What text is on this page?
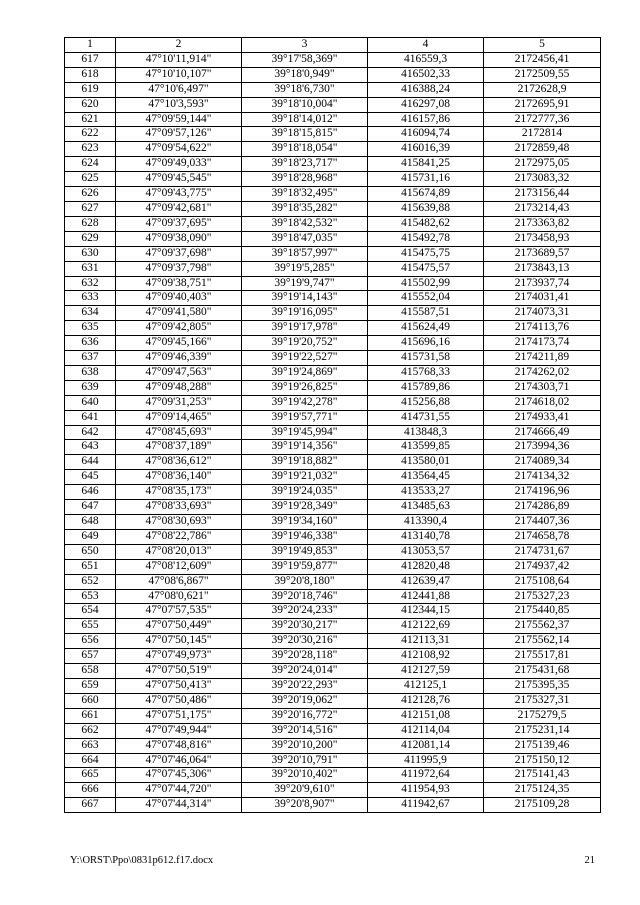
1	2	3	4	5
617	47°10'11,914"	39°17'58,369"	416559,3	2172456,41
618	47°10'10,107"	39°18'0,949"	416502,33	2172509,55
619	47°10'6,497"	39°18'6,730"	416388,24	2172628,9
620	47°10'3,593"	39°18'10,004"	416297,08	2172695,91
621	47°09'59,144"	39°18'14,012"	416157,86	2172777,36
622	47°09'57,126"	39°18'15,815"	416094,74	2172814
623	47°09'54,622"	39°18'18,054"	416016,39	2172859,48
624	47°09'49,033"	39°18'23,717"	415841,25	2172975,05
625	47°09'45,545"	39°18'28,968"	415731,16	2173083,32
626	47°09'43,775"	39°18'32,495"	415674,89	2173156,44
627	47°09'42,681"	39°18'35,282"	415639,88	2173214,43
628	47°09'37,695"	39°18'42,532"	415482,62	2173363,82
629	47°09'38,090"	39°18'47,035"	415492,78	2173458,93
630	47°09'37,698"	39°18'57,997"	415475,75	2173689,57
631	47°09'37,798"	39°19'5,285"	415475,57	2173843,13
632	47°09'38,751"	39°19'9,747"	415502,99	2173937,74
633	47°09'40,403"	39°19'14,143"	415552,04	2174031,41
634	47°09'41,580"	39°19'16,095"	415587,51	2174073,31
635	47°09'42,805"	39°19'17,978"	415624,49	2174113,76
636	47°09'45,166"	39°19'20,752"	415696,16	2174173,74
637	47°09'46,339"	39°19'22,527"	415731,58	2174211,89
638	47°09'47,563"	39°19'24,869"	415768,33	2174262,02
639	47°09'48,288"	39°19'26,825"	415789,86	2174303,71
640	47°09'31,253"	39°19'42,278"	415256,88	2174618,02
641	47°09'14,465"	39°19'57,771"	414731,55	2174933,41
642	47°08'45,693"	39°19'45,994"	413848,3	2174666,49
643	47°08'37,189"	39°19'14,356"	413599,85	2173994,36
644	47°08'36,612"	39°19'18,882"	413580,01	2174089,34
645	47°08'36,140"	39°19'21,032"	413564,45	2174134,32
646	47°08'35,173"	39°19'24,035"	413533,27	2174196,96
647	47°08'33,693"	39°19'28,349"	413485,63	2174286,89
648	47°08'30,693"	39°19'34,160"	413390,4	2174407,36
649	47°08'22,786"	39°19'46,338"	413140,78	2174658,78
650	47°08'20,013"	39°19'49,853"	413053,57	2174731,67
651	47°08'12,609"	39°19'59,877"	412820,48	2174937,42
652	47°08'6,867"	39°20'8,180"	412639,47	2175108,64
653	47°08'0,621"	39°20'18,746"	412441,88	2175327,23
654	47°07'57,535"	39°20'24,233"	412344,15	2175440,85
655	47°07'50,449"	39°20'30,217"	412122,69	2175562,37
656	47°07'50,145"	39°20'30,216"	412113,31	2175562,14
657	47°07'49,973"	39°20'28,118"	412108,92	2175517,81
658	47°07'50,519"	39°20'24,014"	412127,59	2175431,68
659	47°07'50,413"	39°20'22,293"	412125,1	2175395,35
660	47°07'50,486"	39°20'19,062"	412128,76	2175327,31
661	47°07'51,175"	39°20'16,772"	412151,08	2175279,5
662	47°07'49,944"	39°20'14,516"	412114,04	2175231,14
663	47°07'48,816"	39°20'10,200"	412081,14	2175139,46
664	47°07'46,064"	39°20'10,791"	411995,9	2175150,12
665	47°07'45,306"	39°20'10,402"	411972,64	2175141,43
666	47°07'44,720"	39°20'9,610"	411954,93	2175124,35
667	47°07'44,314"	39°20'8,907"	411942,67	2175109,28
Y:\ORST\Ppo\0831p612.f17.docx	21
